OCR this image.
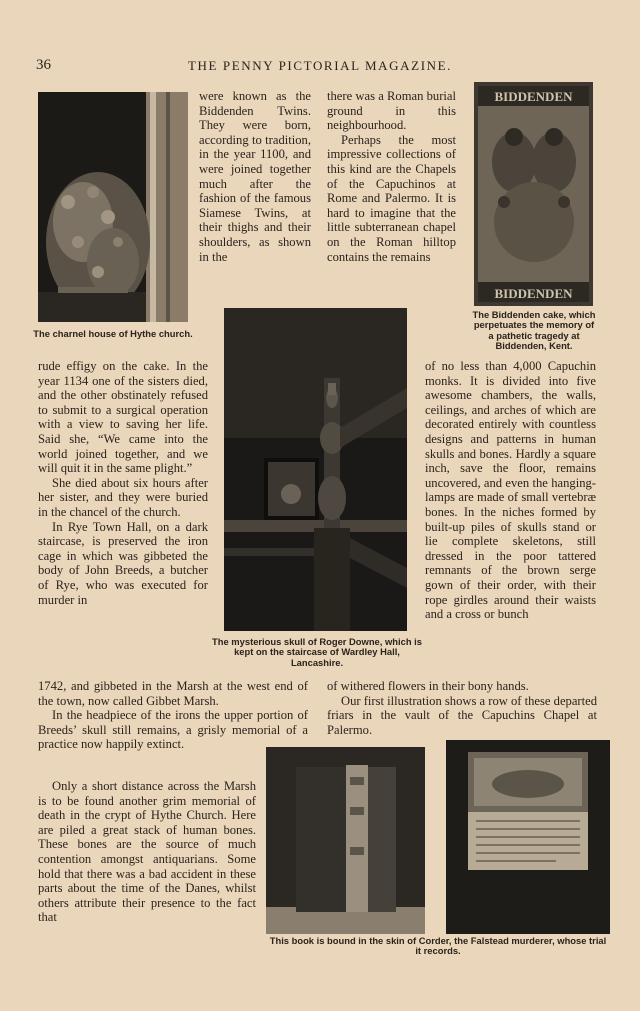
36	THE PENNY PICTORIAL MAGAZINE.
The charnel house of Hythe church.

were known as the Biddenden Twins. They were born, according to tradition, in the year 1100, and were joined together much after the fashion of the famous Siamese Twins, at their thighs and their shoulders, as shown in the

there was a Roman burial ground in this neighbourhood.

Perhaps the most impressive collections of this kind are the Chapels of the Capuchinos at Rome and Palermo. It is hard to imagine that the little subterranean chapel on the Roman hilltop contains the remains

BIDDENDEN
BIDDENDEN
The Biddenden cake, which perpetuates the memory of a pathetic tragedy at Biddenden, Kent.
The mysterious skull of Roger Downe, which is kept on the staircase of Wardley Hall, Lancashire.

rude effigy on the cake. In the year 1134 one of the sisters died, and the other obstinately refused to submit to a surgical operation with a view to saving her life. Said she, “We came into the world joined together, and we will quit it in the same plight.”

She died about six hours after her sister, and they were buried in the chancel of the church.

In Rye Town Hall, on a dark staircase, is preserved the iron cage in which was gibbeted the body of John Breeds, a butcher of Rye, who was executed for murder in

1742, and gibbeted in the Marsh at the west end of the town, now called Gibbet Marsh.

In the headpiece of the irons the upper portion of Breeds’ skull still remains, a grisly memorial of a practice now happily extinct.

Only a short distance across the Marsh is to be found another grim memorial of death in the crypt of Hythe Church. Here are piled a great stack of human bones. These bones are the source of much contention amongst antiquarians. Some hold that there was a bad accident in these parts about the time of the Danes, whilst others attribute their presence to the fact that

of no less than 4,000 Capuchin monks. It is divided into five awesome chambers, the walls, ceilings, and arches of which are decorated entirely with countless designs and patterns in human skulls and bones. Hardly a square inch, save the floor, remains uncovered, and even the hanging-lamps are made of small vertebræ bones. In the niches formed by built-up piles of skulls stand or lie complete skeletons, still dressed in the poor tattered remnants of the brown serge gown of their order, with their rope girdles around their waists and a cross or bunch

of withered flowers in their bony hands.

Our first illustration shows a row of these departed friars in the vault of the Capuchins Chapel at Palermo.

This book is bound in the skin of Corder, the Falstead murderer, whose trial it records.
